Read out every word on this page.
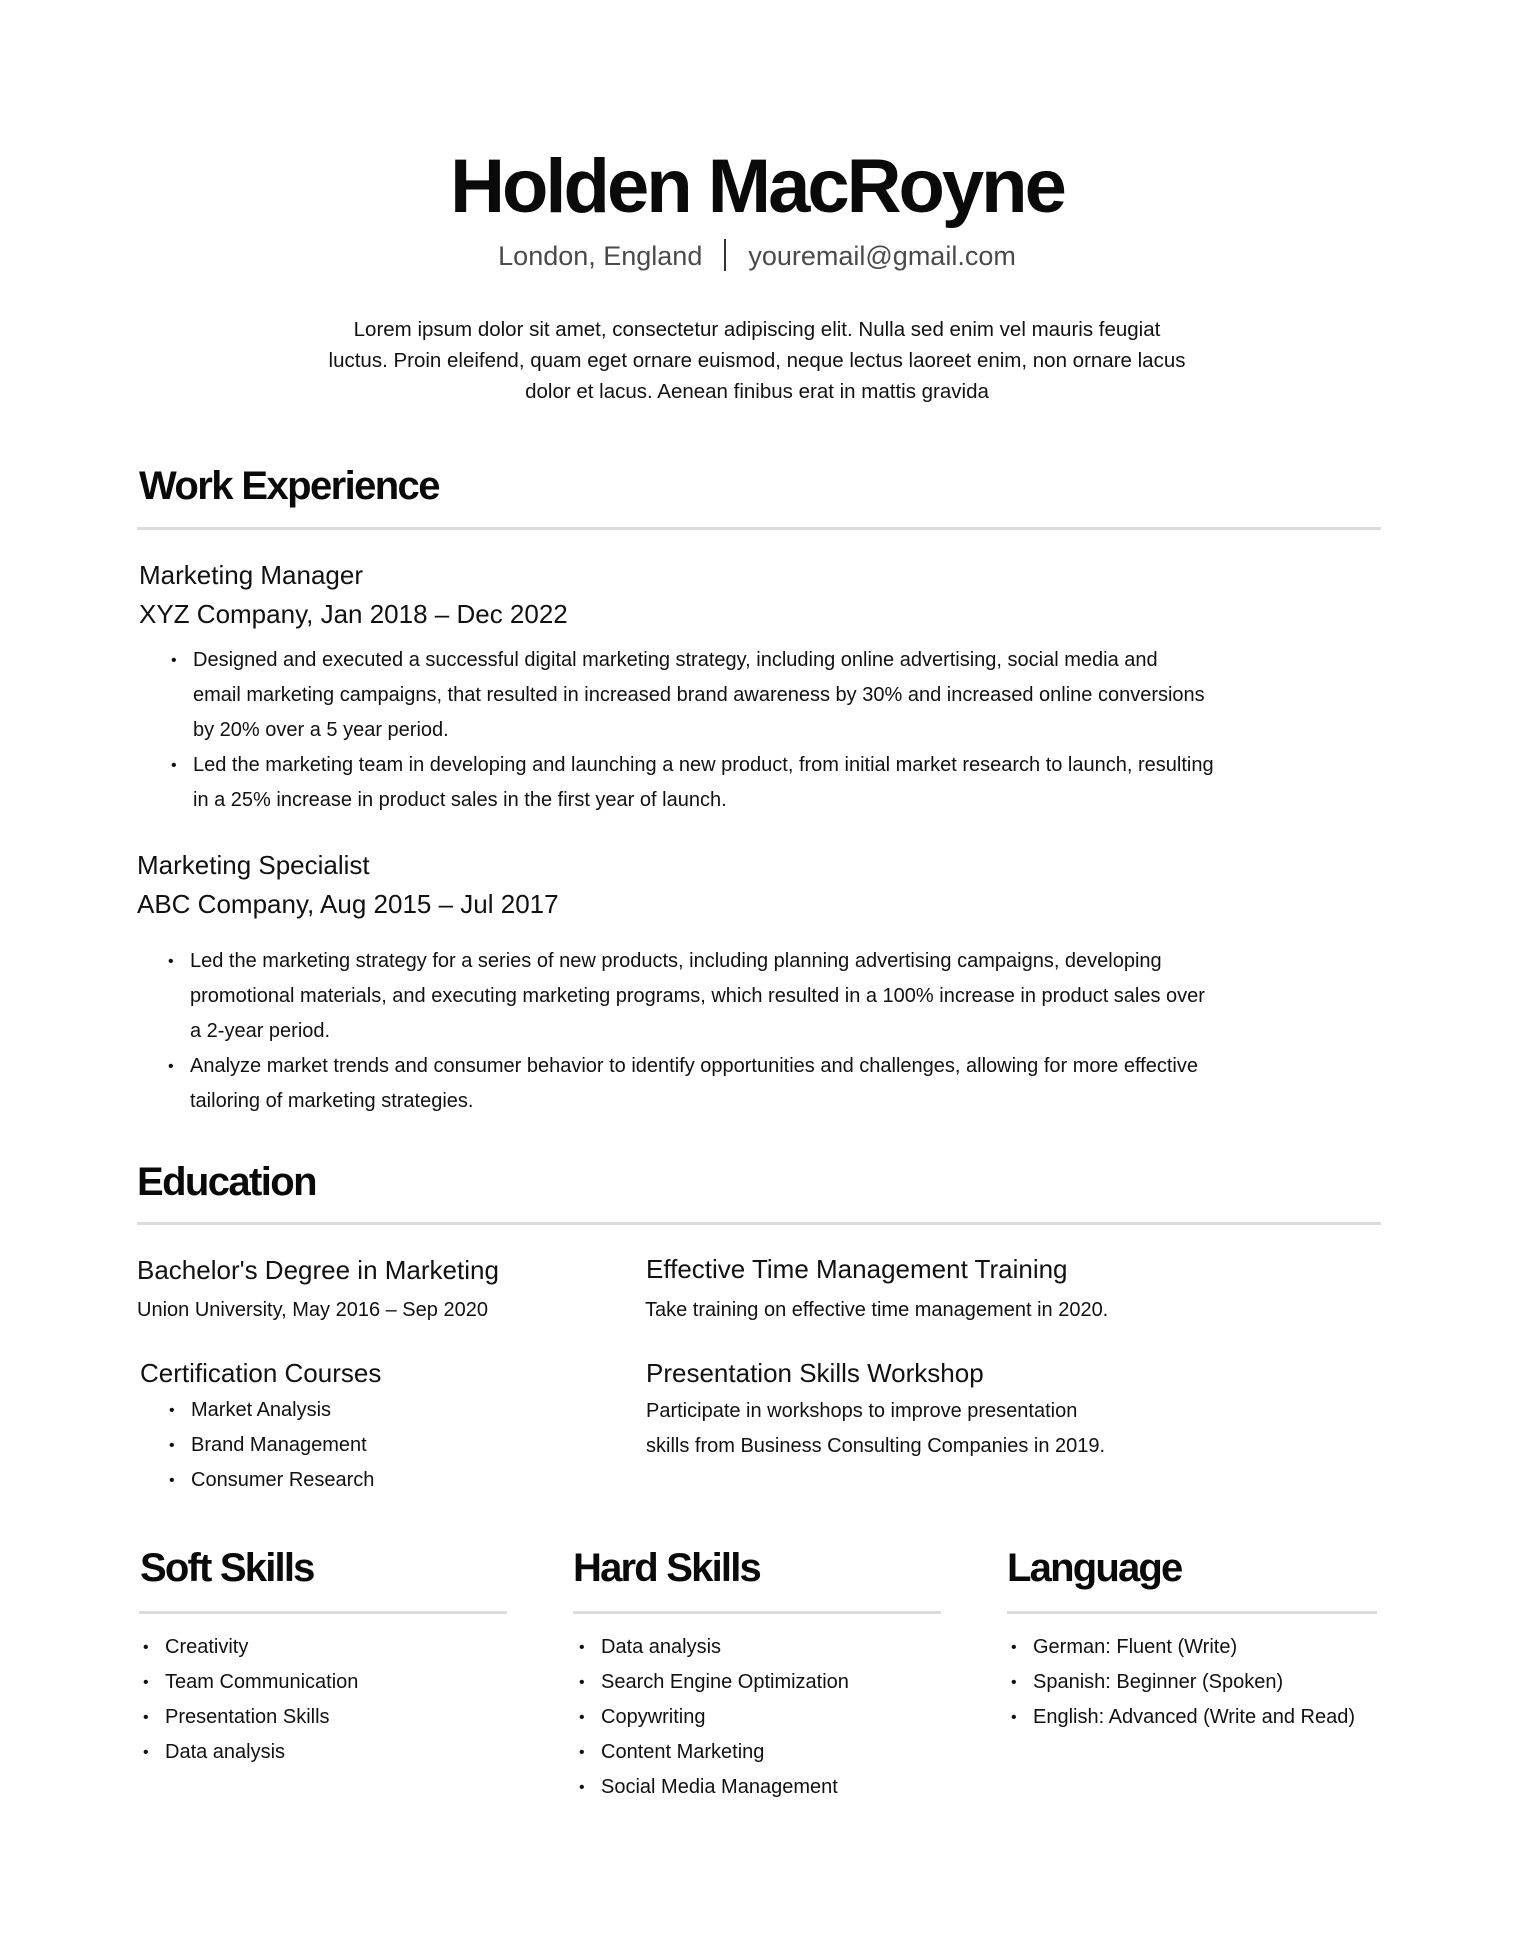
Holden MacRoyne
London, England youremail@gmail.com
Lorem ipsum dolor sit amet, consectetur adipiscing elit. Nulla sed enim vel mauris feugiat
luctus. Proin eleifend, quam eget ornare euismod, neque lectus laoreet enim, non ornare lacus
dolor et lacus. Aenean finibus erat in mattis gravida
Work Experience
Marketing Manager
XYZ Company, Jan 2018 – Dec 2022
• Designed and executed a successful digital marketing strategy, including online advertising, social media and
email marketing campaigns, that resulted in increased brand awareness by 30% and increased online conversions
by 20% over a 5 year period.
• Led the marketing team in developing and launching a new product, from initial market research to launch, resulting
in a 25% increase in product sales in the first year of launch.
Marketing Specialist
ABC Company, Aug 2015 – Jul 2017
• Led the marketing strategy for a series of new products, including planning advertising campaigns, developing
promotional materials, and executing marketing programs, which resulted in a 100% increase in product sales over
a 2-year period.
• Analyze market trends and consumer behavior to identify opportunities and challenges, allowing for more effective
tailoring of marketing strategies.
Education
Bachelor's Degree in Marketing
Union University, May 2016 – Sep 2020
Certification Courses
• Market Analysis
• Brand Management
• Consumer Research
Effective Time Management Training
Take training on effective time management in 2020.
Presentation Skills Workshop
Participate in workshops to improve presentation
skills from Business Consulting Companies in 2019.
Soft Skills
• Creativity
• Team Communication
• Presentation Skills
• Data analysis
Hard Skills
• Data analysis
• Search Engine Optimization
• Copywriting
• Content Marketing
• Social Media Management
Language
• German: Fluent (Write)
• Spanish: Beginner (Spoken)
• English: Advanced (Write and Read)
